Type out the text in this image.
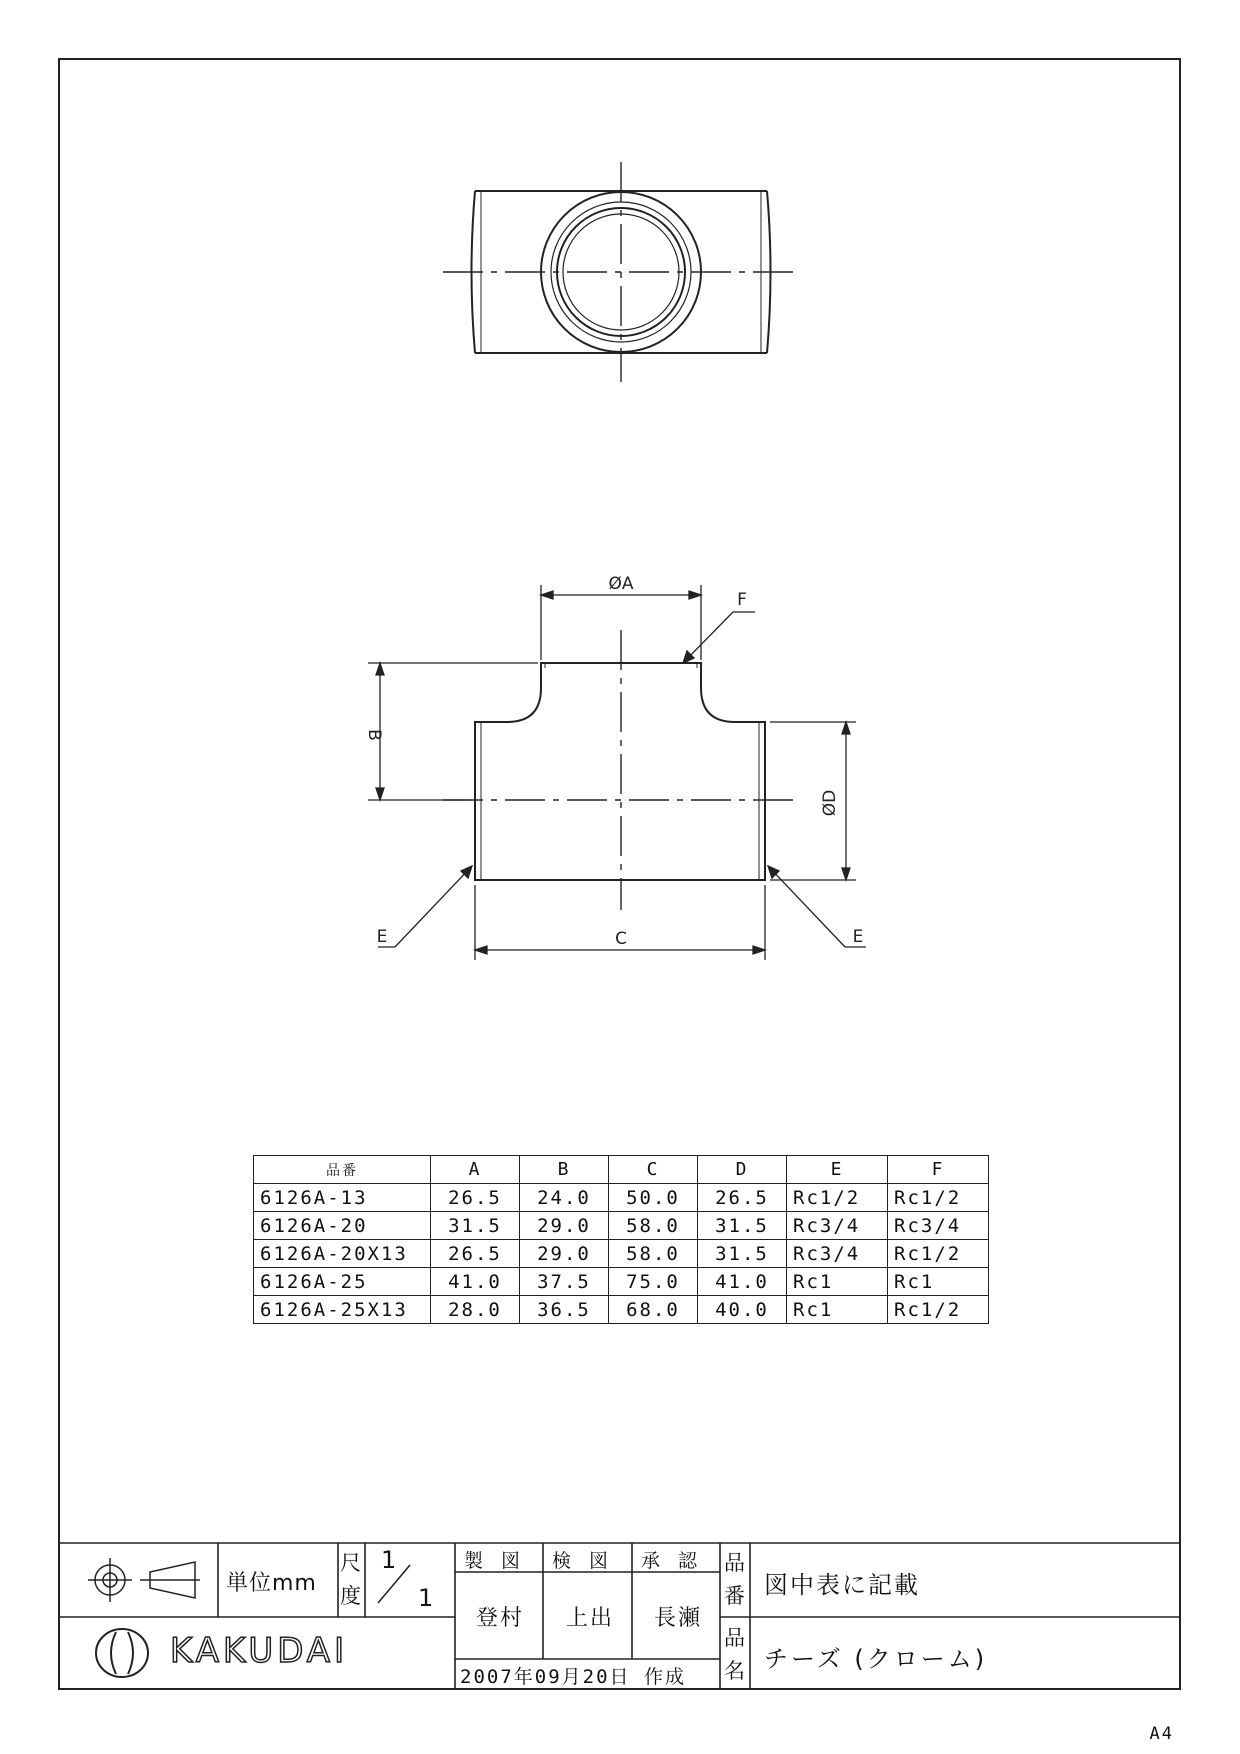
ØA
F
B
ØD
C
E	E
単位mm
尺
度
1
1
製 図 検 図 承 認
登村 上出 長瀬
2007年09月20日 作成
品
番 図中表に記載
品
名 チーズ (クローム)
KAKUDAI
品番	A	B	C	D	E	F
6126A-13	26.5	24.0	50.0	26.5	Rc1/2	Rc1/2
6126A-20	31.5	29.0	58.0	31.5	Rc3/4	Rc3/4
6126A-20X13	26.5	29.0	58.0	31.5	Rc3/4	Rc1/2
6126A-25	41.0	37.5	75.0	41.0	Rc1	Rc1
6126A-25X13	28.0	36.5	68.0	40.0	Rc1	Rc1/2
A4
